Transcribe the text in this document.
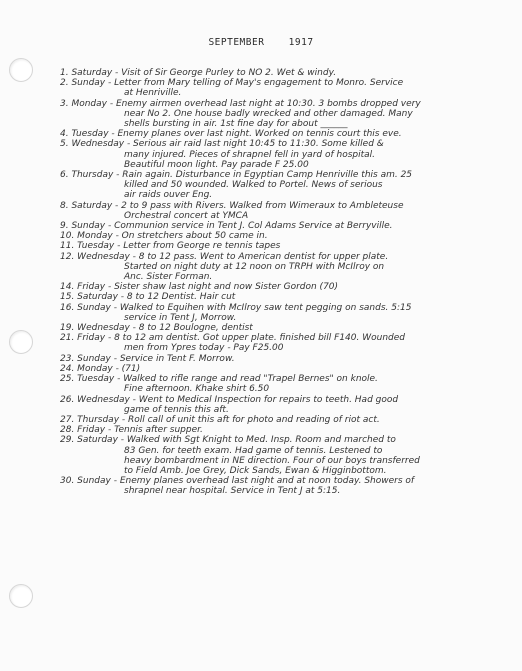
SEPTEMBER	1917
1. Saturday - Visit of Sir George Purley to NO 2. Wet & windy.
2. Sunday - Letter from Mary telling of May's engagement to Monro. Service
at Henriville.
3. Monday - Enemy airmen overhead last night at 10:30. 3 bombs dropped very
near No 2. One house badly wrecked and other damaged. Many
shells bursting in air. 1st fine day for about ______
4. Tuesday - Enemy planes over last night. Worked on tennis court this eve.
5. Wednesday - Serious air raid last night 10:45 to 11:30. Some killed &
many injured. Pieces of shrapnel fell in yard of hospital.
Beautiful moon light. Pay parade F 25.00
6. Thursday - Rain again. Disturbance in Egyptian Camp Henriville this am. 25
killed and 50 wounded. Walked to Portel. News of serious
air raids ouver Eng.
8. Saturday - 2 to 9 pass with Rivers. Walked from Wimeraux to Ambleteuse
Orchestral concert at YMCA
9. Sunday - Communion service in Tent J. Col Adams Service at Berryville.
10. Monday - On stretchers about 50 came in.
11. Tuesday - Letter from George re tennis tapes
12. Wednesday - 8 to 12 pass. Went to American dentist for upper plate.
Started on night duty at 12 noon on TRPH with McIlroy on
Anc. Sister Forman.
14. Friday - Sister shaw last night and now Sister Gordon (70)
15. Saturday - 8 to 12 Dentist. Hair cut
16. Sunday - Walked to Equihen with McIlroy saw tent pegging on sands. 5:15
service in Tent J, Morrow.
19. Wednesday - 8 to 12 Boulogne, dentist
21. Friday - 8 to 12 am dentist. Got upper plate. finished bill F140. Wounded
men from Ypres today - Pay F25.00
23. Sunday - Service in Tent F. Morrow.
24. Monday - (71)
25. Tuesday - Walked to rifle range and read "Trapel Bernes" on knole.
Fine afternoon. Khake shirt 6.50
26. Wednesday - Went to Medical Inspection for repairs to teeth. Had good
game of tennis this aft.
27. Thursday - Roll call of unit this aft for photo and reading of riot act.
28. Friday - Tennis after supper.
29. Saturday - Walked with Sgt Knight to Med. Insp. Room and marched to
83 Gen. for teeth exam. Had game of tennis. Lestened to
heavy bombardment in NE direction. Four of our boys transferred
to Field Amb. Joe Grey, Dick Sands, Ewan & Higginbottom.
30. Sunday - Enemy planes overhead last night and at noon today. Showers of
shrapnel near hospital. Service in Tent J at 5:15.
